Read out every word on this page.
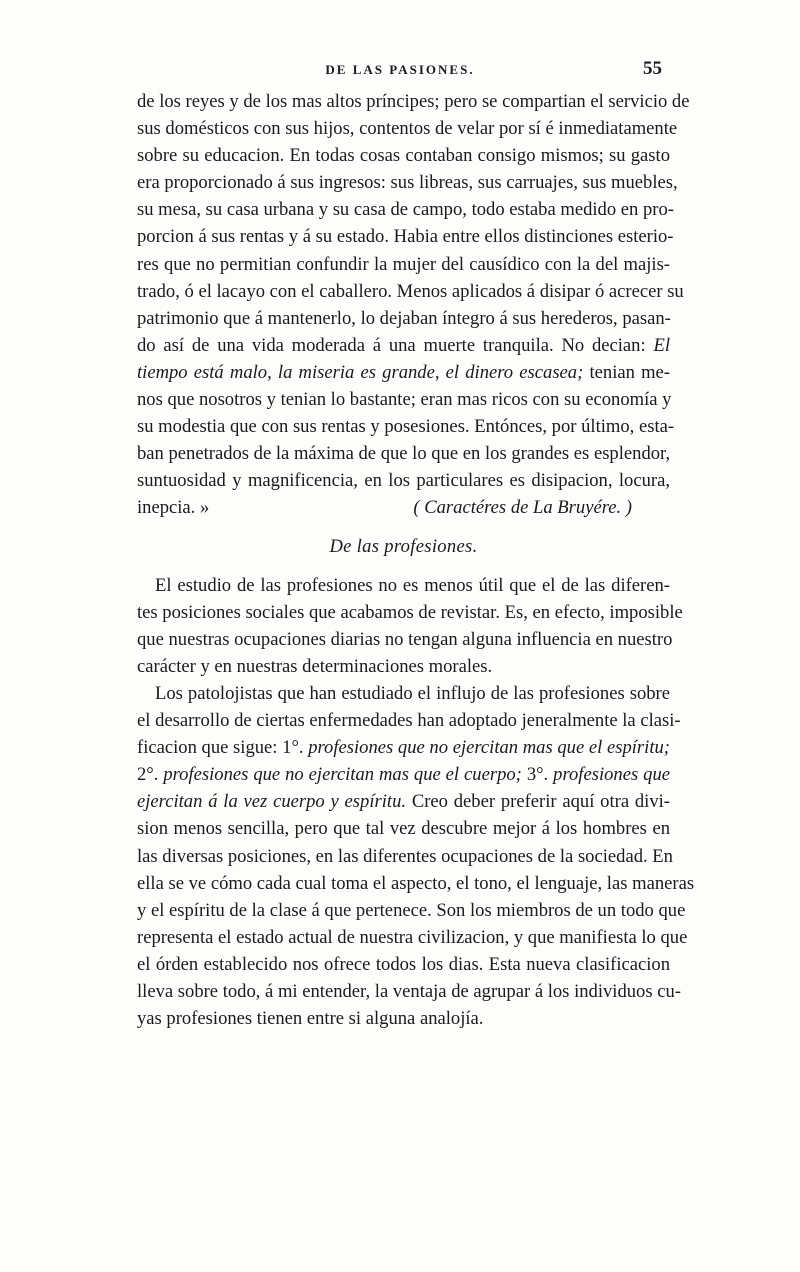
DE LAS PASIONES.	55
de los reyes y de los mas altos príncipes; pero se compartian el servicio de
sus domésticos con sus hijos, contentos de velar por sí é inmediatamente
sobre su educacion. En todas cosas contaban consigo mismos; su gasto
era proporcionado á sus ingresos: sus libreas, sus carruajes, sus muebles,
su mesa, su casa urbana y su casa de campo, todo estaba medido en pro-
porcion á sus rentas y á su estado. Habia entre ellos distinciones esterio-
res que no permitian confundir la mujer del causídico con la del majis-
trado, ó el lacayo con el caballero. Menos aplicados á disipar ó acrecer su
patrimonio que á mantenerlo, lo dejaban íntegro á sus herederos, pasan-
do así de una vida moderada á una muerte tranquila. No decian: El
tiempo está malo, la miseria es grande, el dinero escasea; tenian me-
nos que nosotros y tenian lo bastante; eran mas ricos con su economía y
su modestia que con sus rentas y posesiones. Entónces, por último, esta-
ban penetrados de la máxima de que lo que en los grandes es esplendor,
suntuosidad y magnificencia, en los particulares es disipacion, locura,
inepcia. »	( Caractéres de La Bruyére. )
De las profesiones.
El estudio de las profesiones no es menos útil que el de las diferen-
tes posiciones sociales que acabamos de revistar. Es, en efecto, imposible
que nuestras ocupaciones diarias no tengan alguna influencia en nuestro
carácter y en nuestras determinaciones morales.
Los patolojistas que han estudiado el influjo de las profesiones sobre
el desarrollo de ciertas enfermedades han adoptado jeneralmente la clasi-
ficacion que sigue: 1°. profesiones que no ejercitan mas que el espíritu;
2°. profesiones que no ejercitan mas que el cuerpo; 3°. profesiones que
ejercitan á la vez cuerpo y espíritu. Creo deber preferir aquí otra divi-
sion menos sencilla, pero que tal vez descubre mejor á los hombres en
las diversas posiciones, en las diferentes ocupaciones de la sociedad. En
ella se ve cómo cada cual toma el aspecto, el tono, el lenguaje, las maneras
y el espíritu de la clase á que pertenece. Son los miembros de un todo que
representa el estado actual de nuestra civilizacion, y que manifiesta lo que
el órden establecido nos ofrece todos los dias. Esta nueva clasificacion
lleva sobre todo, á mi entender, la ventaja de agrupar á los individuos cu-
yas profesiones tienen entre si alguna analojía.
